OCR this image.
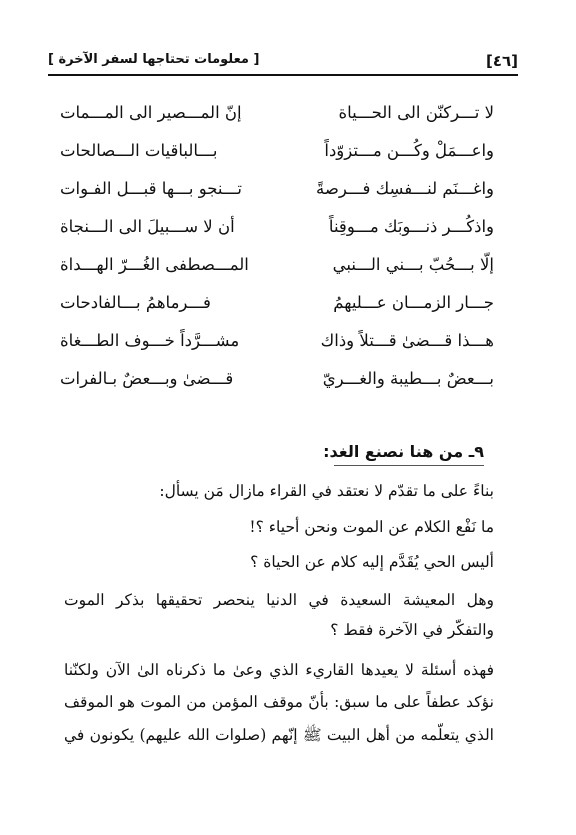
[٤٦]
[ معلومات تحتاجها لسفر الآخرة ]
لا تـــركنّن الى الحـــياة
إنّ المـــصير الى المـــمات
واعـــمَلْ وكُـــن مـــتزوّداً
بـــالباقيات الـــصالحات
واغـــنَم لنـــفسِك فـــرصةً
تـــنجو بـــها قبـــل الفـوات
واذكُـــر ذنـــوبَك مـــوقِناً
أن لا ســـبيلَ الى الـــنجاة
إلّا بـــحُبّ بـــني الـــنبي
المـــصطفى الغُـــرّ الهـــداة
جـــار الزمـــان عـــليهمُ
فـــرماهمُ بـــالفادحات
هـــذا قـــضىٰ قـــتلاً وذاك
مشـــرَّداً خـــوف الطـــغاة
بـــعضٌ بـــطيبة والغـــريّ
قـــضىٰ وبـــعضٌ بـالفرات
٩ـ من هنا نصنع الغد:
بناءً على ما تقدّم لا نعتقد في القراء مازال مَن يسأل:
ما نَفْع الكلام عن الموت ونحن أحياء ؟!
أليس الحي يُقَدَّم إليه كلام عن الحياة ؟
وهل المعيشة السعيدة في الدنيا ينحصر تحقيقها بذكر الموت
والتفكّر في الآخرة فقط ؟
فهذه أسئلة لا يعيدها القاريء الذي وعىٰ ما ذكرناه الىٰ الآن ولكنّنا
نؤكد عطفاً على ما سبق: بأنّ موقف المؤمن من الموت هو الموقف
الذي يتعلّمه من أهل البيت ﷺ إنّهم (صلوات الله عليهم) يكونون في
